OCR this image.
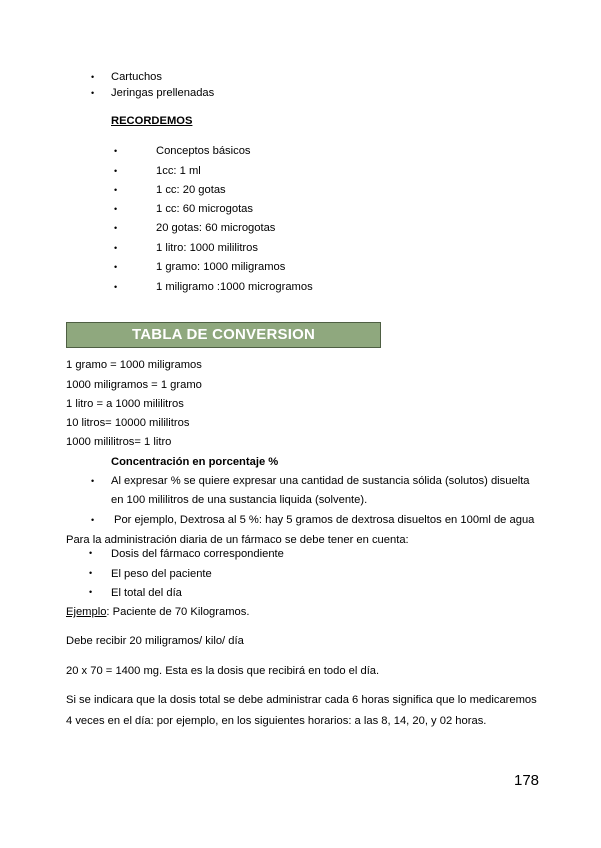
• Cartuchos
• Jeringas prellenadas
RECORDEMOS
•	Conceptos básicos
•	1cc: 1 ml
•	1 cc: 20 gotas
•	1 cc: 60 microgotas
•	20 gotas: 60 microgotas
•	1 litro: 1000 mililitros
•	1 gramo: 1000 miligramos
•	1 miligramo :1000 microgramos
TABLA DE CONVERSION
1 gramo = 1000 miligramos
1000 miligramos = 1 gramo
1 litro = a 1000 mililitros
10 litros= 10000 mililitros
1000 mililitros= 1 litro
Concentración en porcentaje %
• Al expresar % se quiere expresar una cantidad de sustancia sólida (solutos) disuelta
en 100 mililitros de una sustancia liquida (solvente).
• Por ejemplo, Dextrosa al 5 %: hay 5 gramos de dextrosa disueltos en 100ml de agua
Para la administración diaria de un fármaco se debe tener en cuenta:
• Dosis del fármaco correspondiente
• El peso del paciente
• El total del día
Ejemplo: Paciente de 70 Kilogramos.
Debe recibir 20 miligramos/ kilo/ día
20 x 70 = 1400 mg. Esta es la dosis que recibirá en todo el día.
Si se indicara que la dosis total se debe administrar cada 6 horas significa que lo medicaremos
4 veces en el día: por ejemplo, en los siguientes horarios: a las 8, 14, 20, y 02 horas.
178
